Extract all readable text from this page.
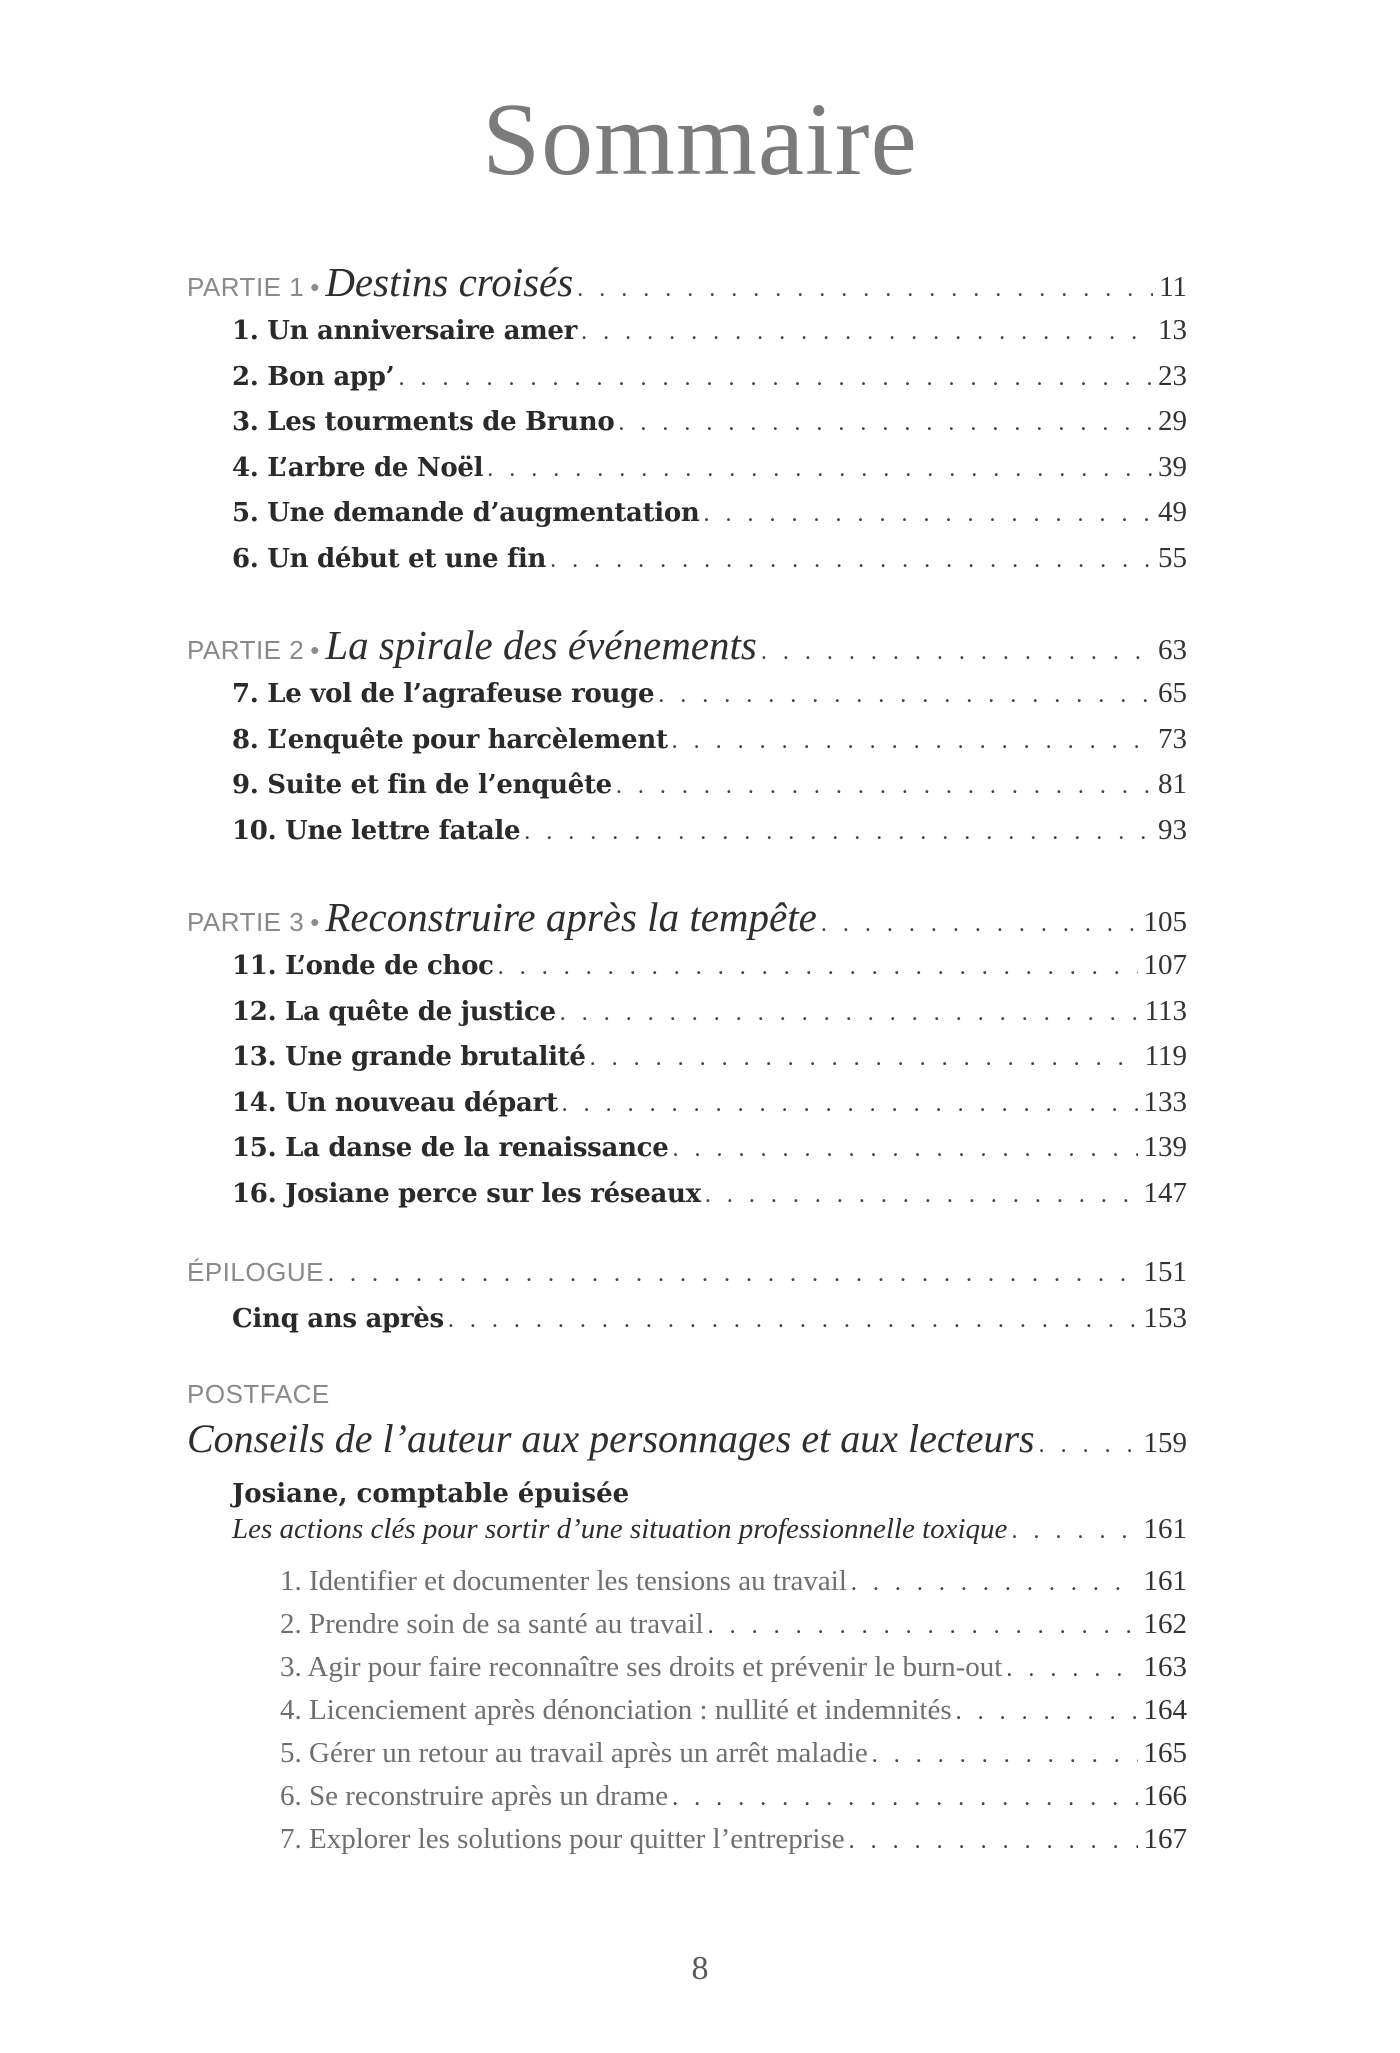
Sommaire
PARTIE 1 • Destins croisés . . .	11
1. Un anniversaire amer . . .	13
2. Bon app’ . . .	23
3. Les tourments de Bruno . . .	29
4. L’arbre de Noël . . .	39
5. Une demande d’augmentation . . .	49
6. Un début et une fin . . .	55
PARTIE 2 • La spirale des événements . . .	63
7. Le vol de l’agrafeuse rouge . . .	65
8. L’enquête pour harcèlement . . .	73
9. Suite et fin de l’enquête . . .	81
10. Une lettre fatale . . .	93
PARTIE 3 • Reconstruire après la tempête . . .	105
11. L’onde de choc . . .	107
12. La quête de justice . . .	113
13. Une grande brutalité . . .	119
14. Un nouveau départ . . .	133
15. La danse de la renaissance . . .	139
16. Josiane perce sur les réseaux . . .	147
ÉPILOGUE . . .	151
Cinq ans après . . .	153
POSTFACE
Conseils de l’auteur aux personnages et aux lecteurs . . .	159
Josiane, comptable épuisée
Les actions clés pour sortir d’une situation professionnelle toxique . . .	161
1. Identifier et documenter les tensions au travail . . .	161
2. Prendre soin de sa santé au travail . . .	162
3. Agir pour faire reconnaître ses droits et prévenir le burn-out . . .	163
4. Licenciement après dénonciation : nullité et indemnités . . .	164
5. Gérer un retour au travail après un arrêt maladie . . .	165
6. Se reconstruire après un drame . . .	166
7. Explorer les solutions pour quitter l’entreprise . . .	167
8
